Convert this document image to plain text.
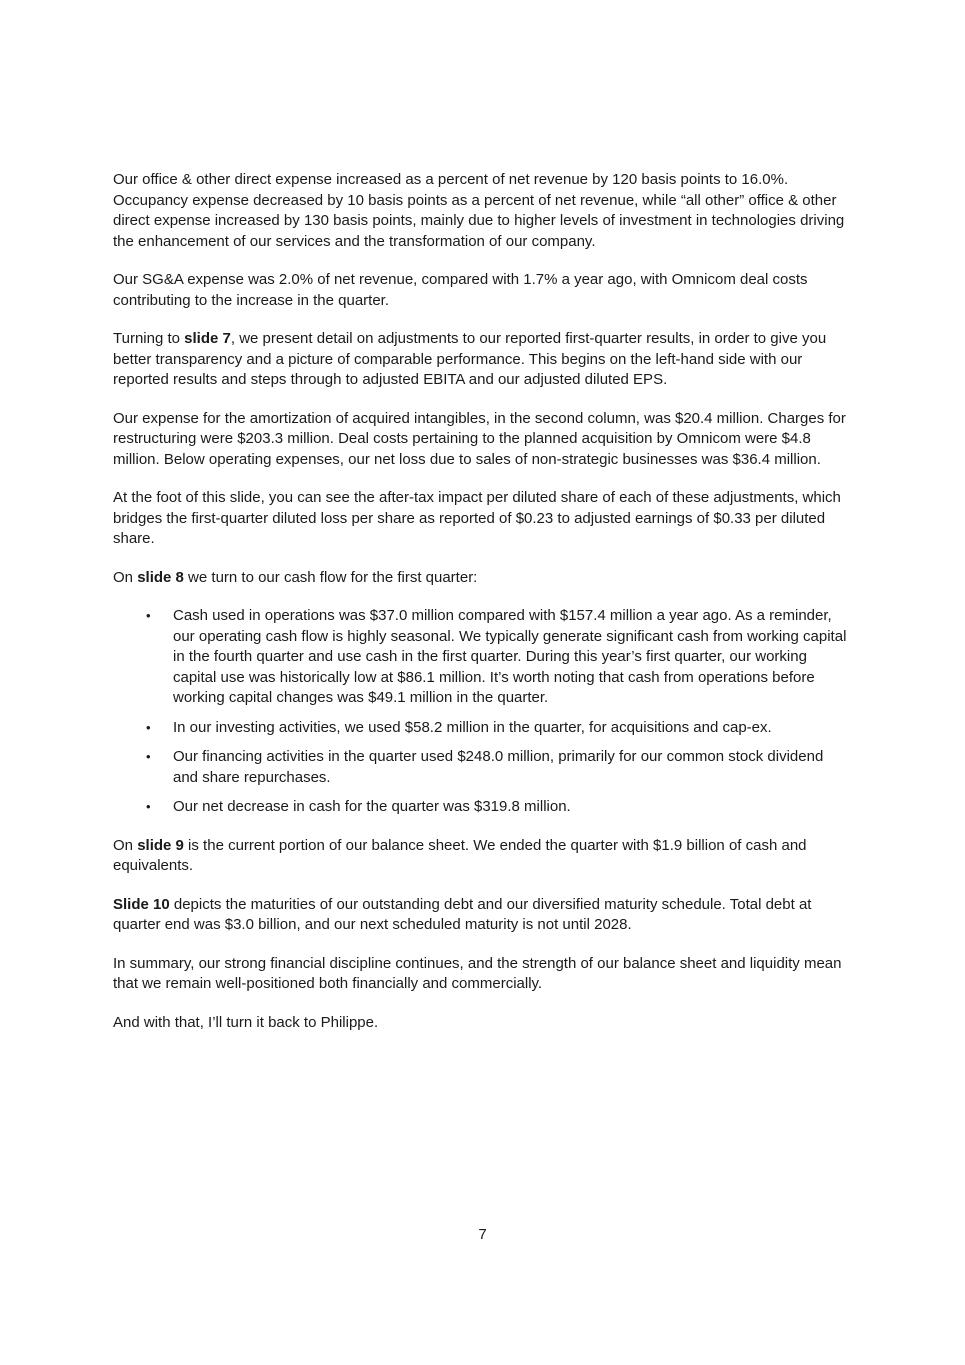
Our office & other direct expense increased as a percent of net revenue by 120 basis points to 16.0%. Occupancy expense decreased by 10 basis points as a percent of net revenue, while “all other” office & other direct expense increased by 130 basis points, mainly due to higher levels of investment in technologies driving the enhancement of our services and the transformation of our company.

Our SG&A expense was 2.0% of net revenue, compared with 1.7% a year ago, with Omnicom deal costs contributing to the increase in the quarter.

Turning to slide 7, we present detail on adjustments to our reported first-quarter results, in order to give you better transparency and a picture of comparable performance. This begins on the left-hand side with our reported results and steps through to adjusted EBITA and our adjusted diluted EPS.

Our expense for the amortization of acquired intangibles, in the second column, was $20.4 million. Charges for restructuring were $203.3 million. Deal costs pertaining to the planned acquisition by Omnicom were $4.8 million. Below operating expenses, our net loss due to sales of non-strategic businesses was $36.4 million.

At the foot of this slide, you can see the after-tax impact per diluted share of each of these adjustments, which bridges the first-quarter diluted loss per share as reported of $0.23 to adjusted earnings of $0.33 per diluted share.

On slide 8 we turn to our cash flow for the first quarter:

• Cash used in operations was $37.0 million compared with $157.4 million a year ago. As a reminder, our operating cash flow is highly seasonal. We typically generate significant cash from working capital in the fourth quarter and use cash in the first quarter. During this year’s first quarter, our working capital use was historically low at $86.1 million. It’s worth noting that cash from operations before working capital changes was $49.1 million in the quarter.
• In our investing activities, we used $58.2 million in the quarter, for acquisitions and cap-ex.
• Our financing activities in the quarter used $248.0 million, primarily for our common stock dividend and share repurchases.
• Our net decrease in cash for the quarter was $319.8 million.

On slide 9 is the current portion of our balance sheet. We ended the quarter with $1.9 billion of cash and equivalents.

Slide 10 depicts the maturities of our outstanding debt and our diversified maturity schedule. Total debt at quarter end was $3.0 billion, and our next scheduled maturity is not until 2028.

In summary, our strong financial discipline continues, and the strength of our balance sheet and liquidity mean that we remain well-positioned both financially and commercially.

And with that, I’ll turn it back to Philippe.

7
